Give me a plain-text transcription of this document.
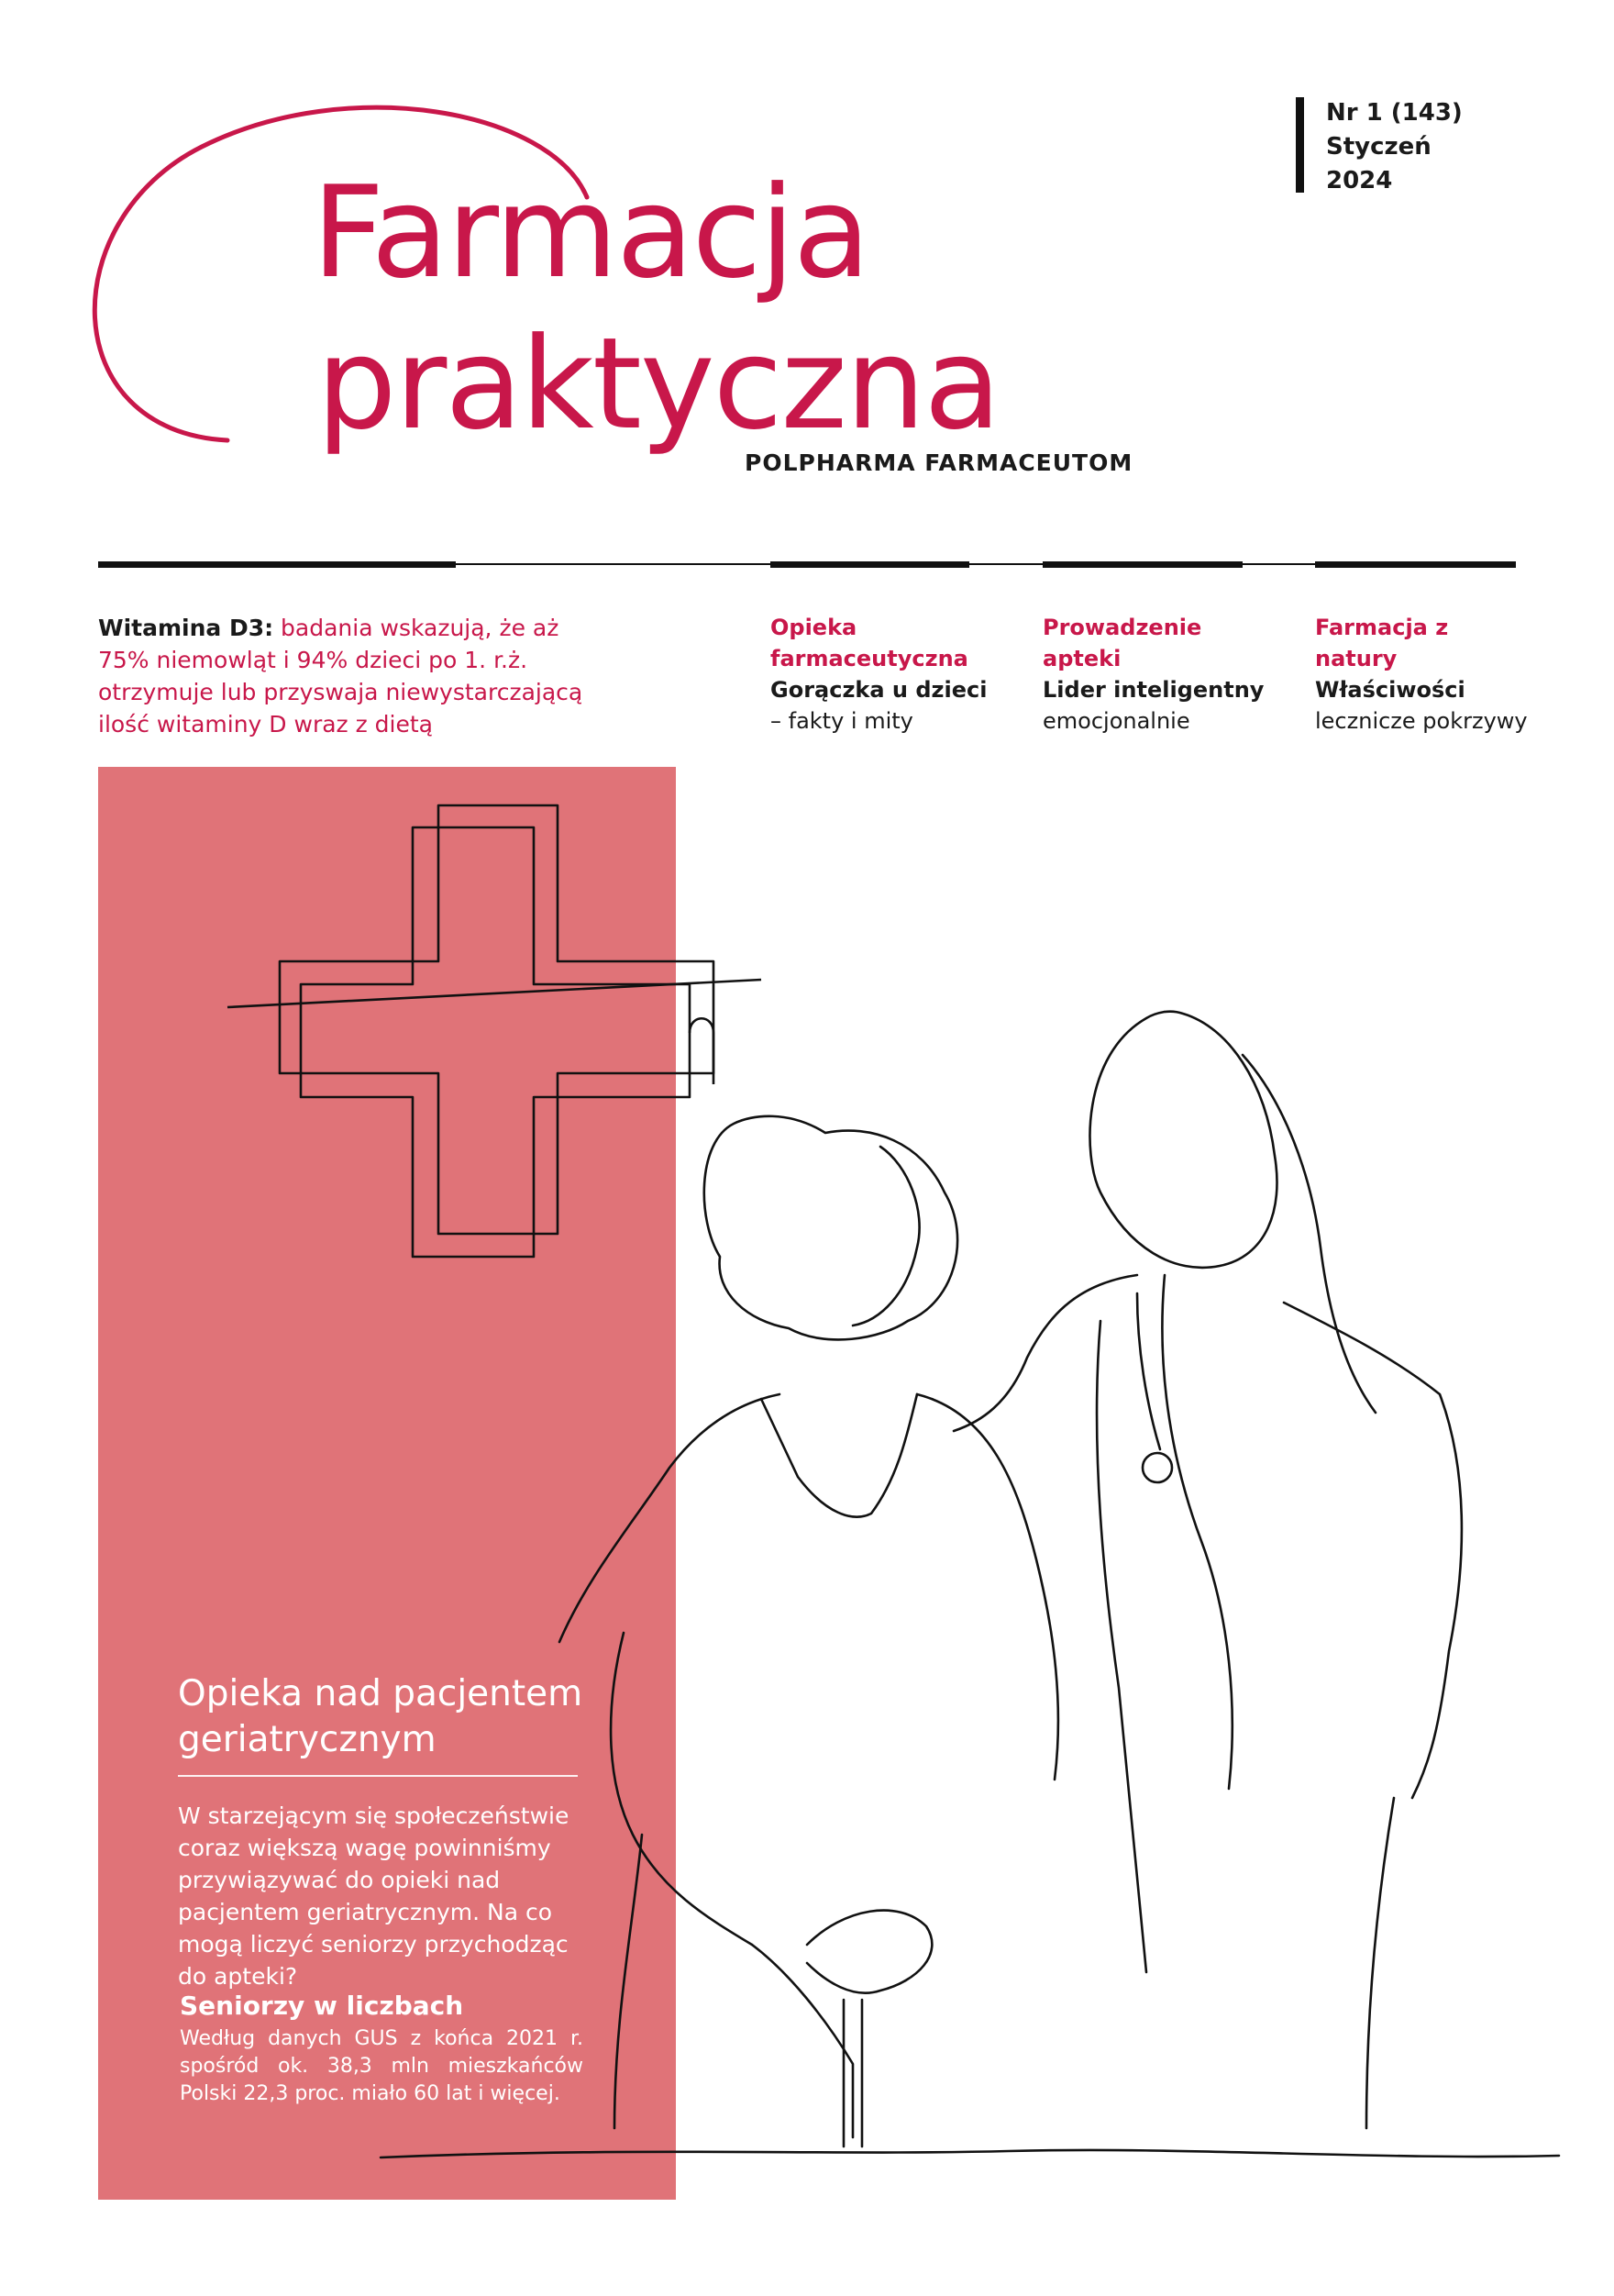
Farmacja
praktyczna
POLPHARMA FARMACEUTOM
Nr 1 (143)
Styczeń
2024
Witamina D3: badania wskazują, że aż 75% niemowląt i 94% dzieci po 1. r.ż. otrzymuje lub przyswaja niewystarczającą ilość witaminy D wraz z dietą
Opieka farmaceutyczna
Gorączka u dzieci
– fakty i mity
Prowadzenie apteki
Lider inteligentny
emocjonalnie
Farmacja z natury
Właściwości
lecznicze pokrzywy
Opieka nad pacjentem geriatrycznym
W starzejącym się społeczeństwie coraz większą wagę powinniśmy przywiązywać do opieki nad pacjentem geriatrycznym. Na co mogą liczyć seniorzy przychodząc do apteki?
Seniorzy w liczbach
Według danych GUS z końca 2021 r. spośród ok. 38,3 mln mieszkańców Polski 22,3 proc. miało 60 lat i więcej.
